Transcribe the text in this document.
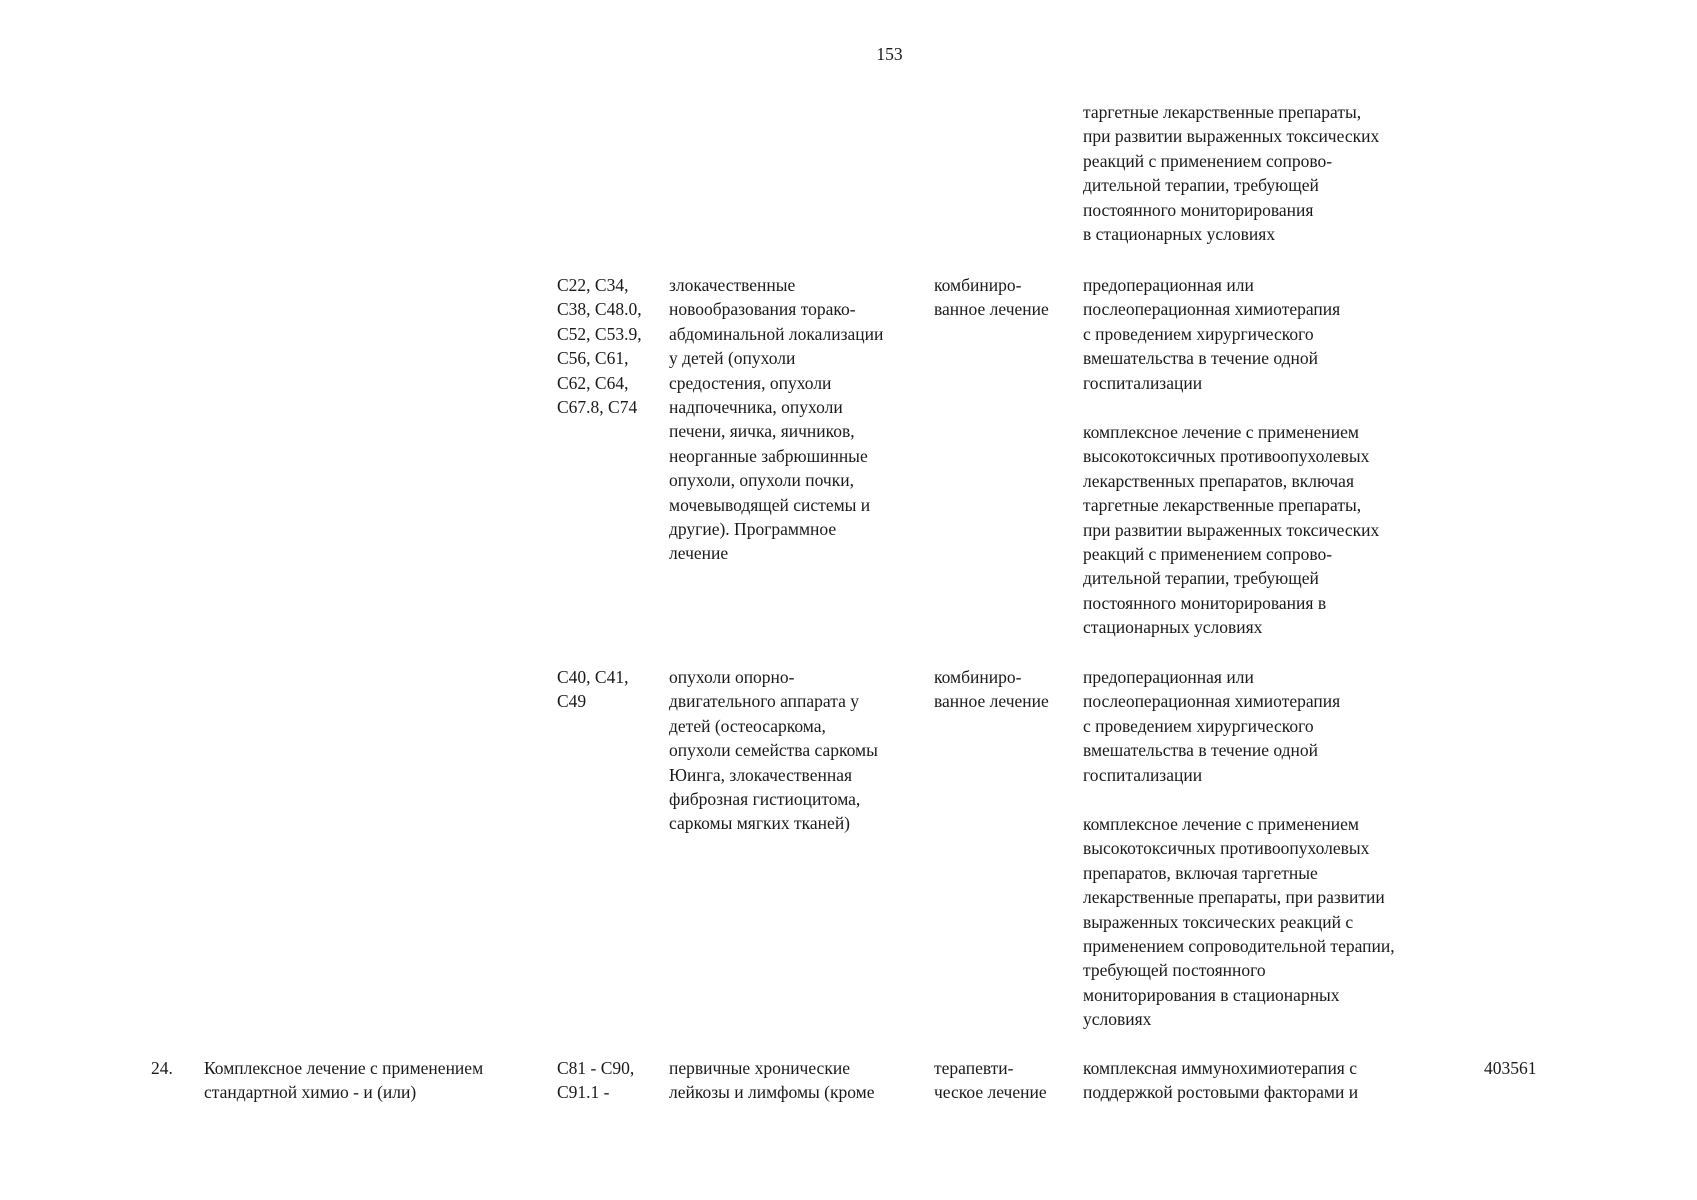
153
таргетные лекарственные препараты,
при развитии выраженных токсических
реакций с применением сопрово-
дительной терапии, требующей
постоянного мониторирования
в стационарных условиях
C22, C34,
C38, C48.0,
C52, C53.9,
C56, C61,
C62, C64,
C67.8, C74
злокачественные
новообразования торако-
абдоминальной локализации
у детей (опухоли
средостения, опухоли
надпочечника, опухоли
печени, яичка, яичников,
неорганные забрюшинные
опухоли, опухоли почки,
мочевыводящей системы и
другие). Программное
лечение
комбиниро-
ванное лечение
предоперационная или
послеоперационная химиотерапия
с проведением хирургического
вмешательства в течение одной
госпитализации
комплексное лечение с применением
высокотоксичных противоопухолевых
лекарственных препаратов, включая
таргетные лекарственные препараты,
при развитии выраженных токсических
реакций с применением сопрово-
дительной терапии, требующей
постоянного мониторирования в
стационарных условиях
C40, C41,
C49
опухоли опорно-
двигательного аппарата у
детей (остеосаркома,
опухоли семейства саркомы
Юинга, злокачественная
фиброзная гистиоцитома,
саркомы мягких тканей)
комбиниро-
ванное лечение
предоперационная или
послеоперационная химиотерапия
с проведением хирургического
вмешательства в течение одной
госпитализации
комплексное лечение с применением
высокотоксичных противоопухолевых
препаратов, включая таргетные
лекарственные препараты, при развитии
выраженных токсических реакций с
применением сопроводительной терапии,
требующей постоянного
мониторирования в стационарных
условиях
24. Комплексное лечение с применением
стандартной химио - и (или)
C81 - C90,
C91.1 -
первичные хронические
лейкозы и лимфомы (кроме
терапевти-
ческое лечение
комплексная иммунохимиотерапия с
поддержкой ростовыми факторами и
403561
